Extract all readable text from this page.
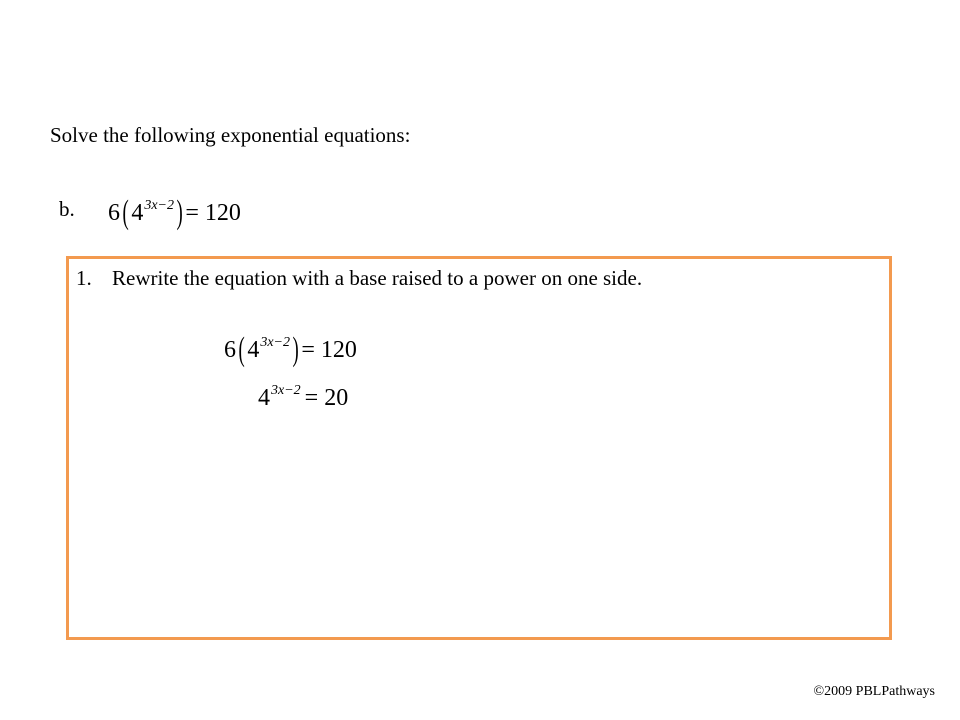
Solve the following exponential equations:
b. 6( 43x−2) = 120
1. Rewrite the equation with a base raised to a power on one side.
6( 43x−2) = 120
43x−2 = 20
©2009 PBLPathways
